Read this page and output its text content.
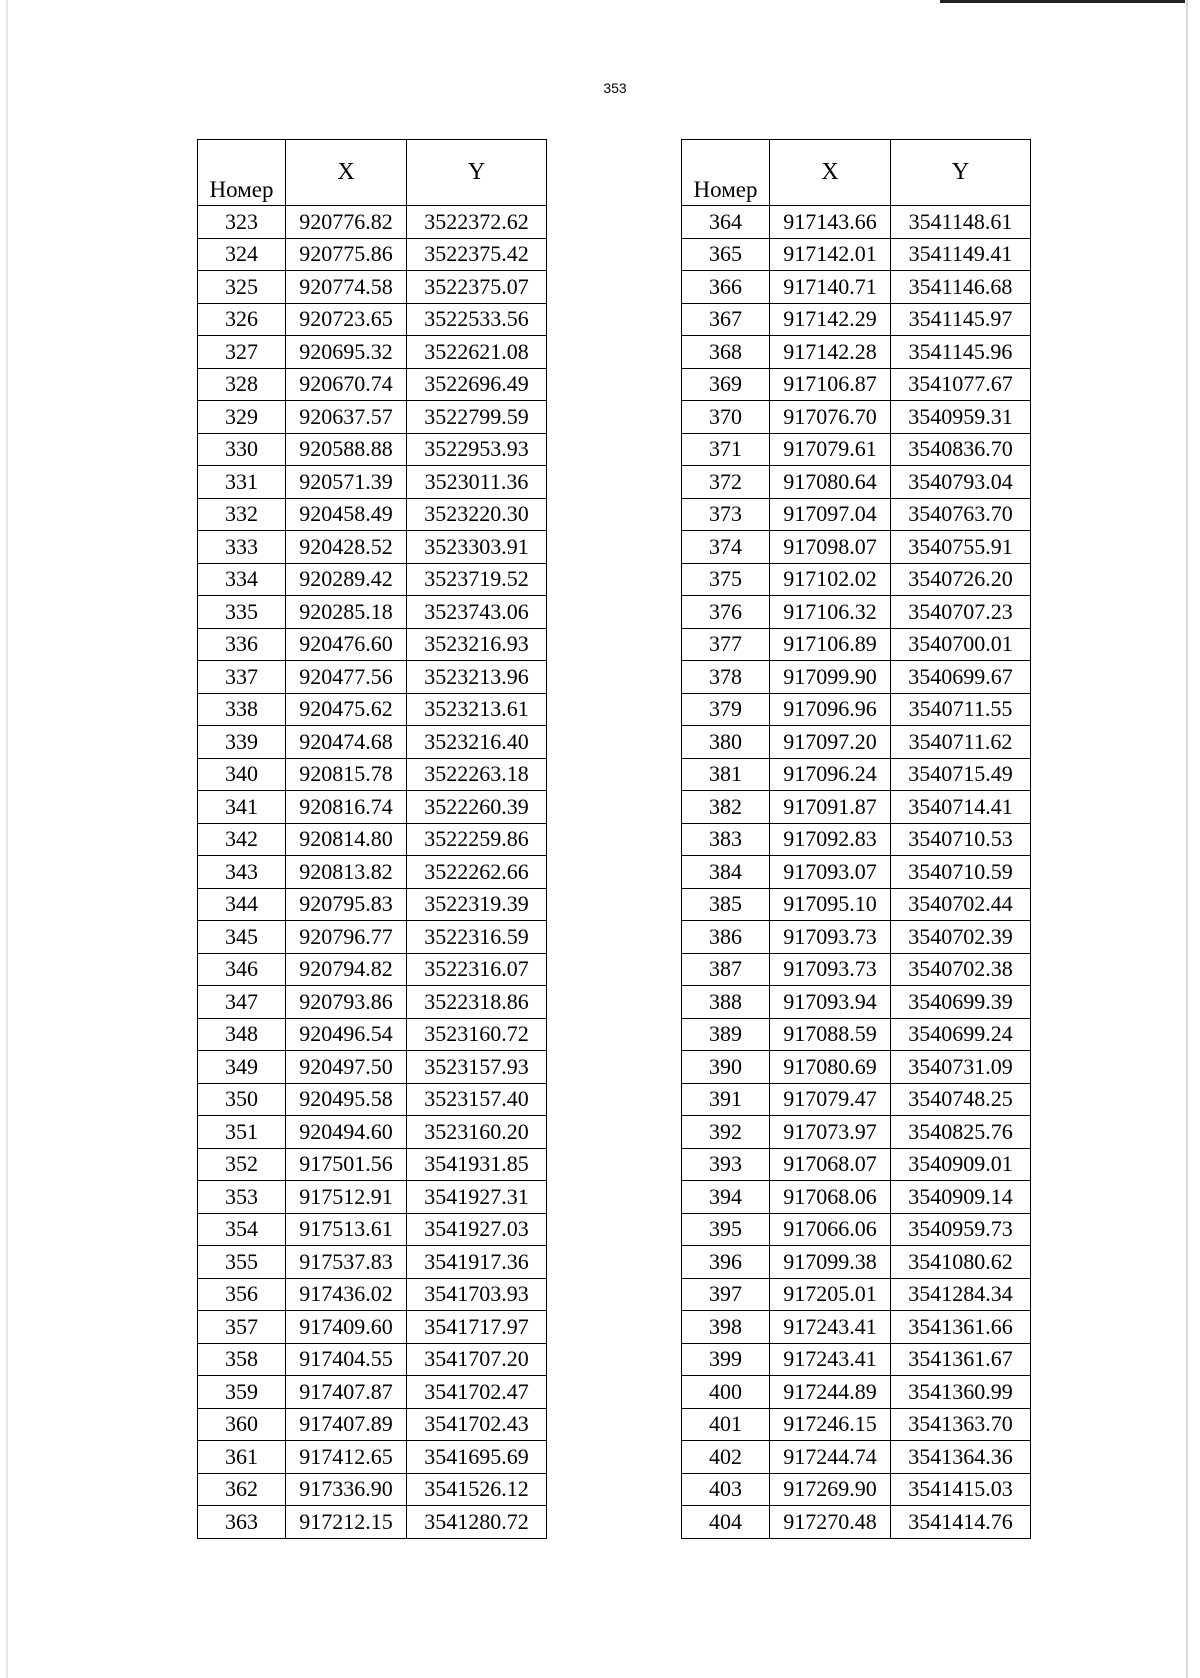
353
Номер	X	Y
323	920776.82	3522372.62
324	920775.86	3522375.42
325	920774.58	3522375.07
326	920723.65	3522533.56
327	920695.32	3522621.08
328	920670.74	3522696.49
329	920637.57	3522799.59
330	920588.88	3522953.93
331	920571.39	3523011.36
332	920458.49	3523220.30
333	920428.52	3523303.91
334	920289.42	3523719.52
335	920285.18	3523743.06
336	920476.60	3523216.93
337	920477.56	3523213.96
338	920475.62	3523213.61
339	920474.68	3523216.40
340	920815.78	3522263.18
341	920816.74	3522260.39
342	920814.80	3522259.86
343	920813.82	3522262.66
344	920795.83	3522319.39
345	920796.77	3522316.59
346	920794.82	3522316.07
347	920793.86	3522318.86
348	920496.54	3523160.72
349	920497.50	3523157.93
350	920495.58	3523157.40
351	920494.60	3523160.20
352	917501.56	3541931.85
353	917512.91	3541927.31
354	917513.61	3541927.03
355	917537.83	3541917.36
356	917436.02	3541703.93
357	917409.60	3541717.97
358	917404.55	3541707.20
359	917407.87	3541702.47
360	917407.89	3541702.43
361	917412.65	3541695.69
362	917336.90	3541526.12
363	917212.15	3541280.72
Номер	X	Y
364	917143.66	3541148.61
365	917142.01	3541149.41
366	917140.71	3541146.68
367	917142.29	3541145.97
368	917142.28	3541145.96
369	917106.87	3541077.67
370	917076.70	3540959.31
371	917079.61	3540836.70
372	917080.64	3540793.04
373	917097.04	3540763.70
374	917098.07	3540755.91
375	917102.02	3540726.20
376	917106.32	3540707.23
377	917106.89	3540700.01
378	917099.90	3540699.67
379	917096.96	3540711.55
380	917097.20	3540711.62
381	917096.24	3540715.49
382	917091.87	3540714.41
383	917092.83	3540710.53
384	917093.07	3540710.59
385	917095.10	3540702.44
386	917093.73	3540702.39
387	917093.73	3540702.38
388	917093.94	3540699.39
389	917088.59	3540699.24
390	917080.69	3540731.09
391	917079.47	3540748.25
392	917073.97	3540825.76
393	917068.07	3540909.01
394	917068.06	3540909.14
395	917066.06	3540959.73
396	917099.38	3541080.62
397	917205.01	3541284.34
398	917243.41	3541361.66
399	917243.41	3541361.67
400	917244.89	3541360.99
401	917246.15	3541363.70
402	917244.74	3541364.36
403	917269.90	3541415.03
404	917270.48	3541414.76
